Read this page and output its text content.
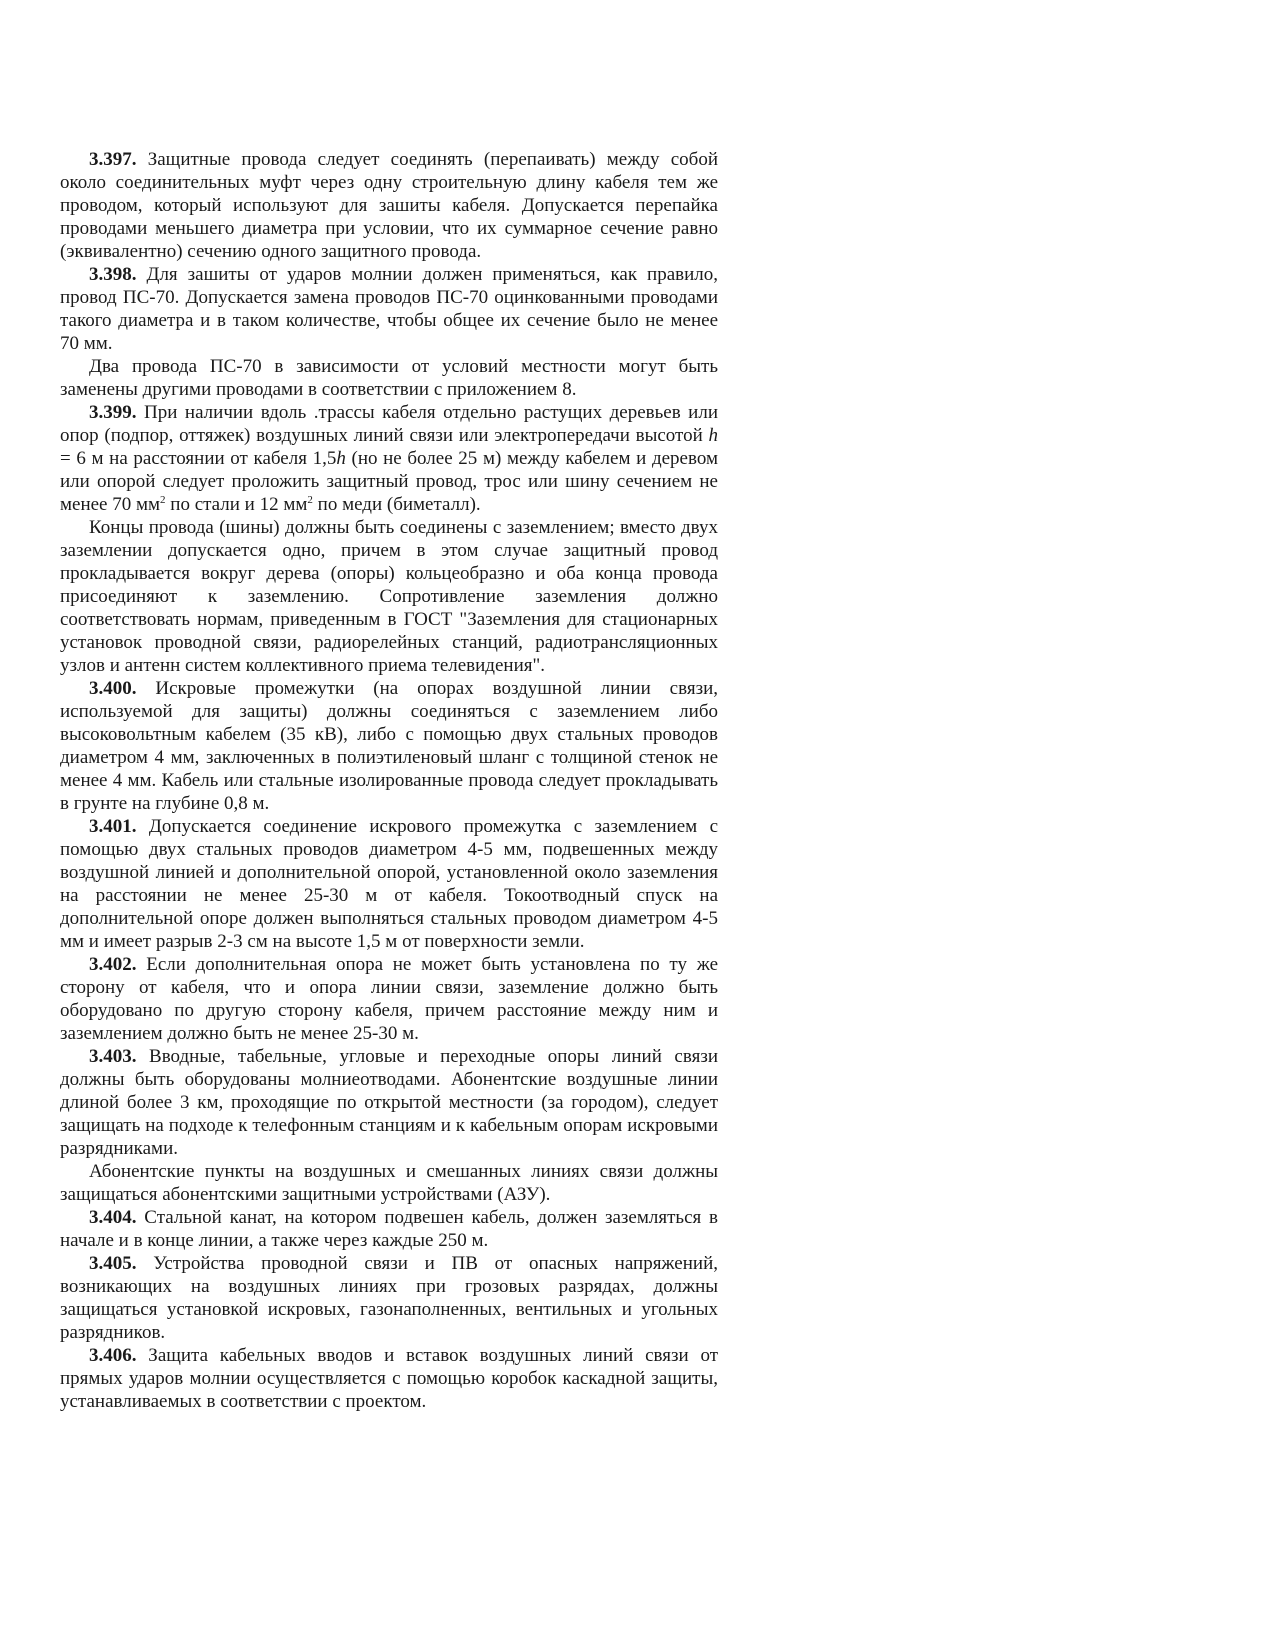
3.397. Защитные провода следует соединять (перепаивать) между собой около соединительных муфт через одну строительную длину кабеля тем же проводом, который используют для зашиты кабеля. Допускается перепайка проводами меньшего диаметра при условии, что их суммарное сечение равно (эквивалентно) сечению одного защитного провода.

3.398. Для зашиты от ударов молнии должен применяться, как правило, провод ПС-70. Допускается замена проводов ПС-70 оцинкованными проводами такого диаметра и в таком количестве, чтобы общее их сечение было не менее 70 мм.

Два провода ПС-70 в зависимости от условий местности могут быть заменены другими проводами в соответствии с приложением 8.

3.399. При наличии вдоль .трассы кабеля отдельно растущих деревьев или опор (подпор, оттяжек) воздушных линий связи или электропередачи высотой h = 6 м на расстоянии от кабеля 1,5h (но не более 25 м) между кабелем и деревом или опорой следует проложить защитный провод, трос или шину сечением не менее 70 $мм^2$ по стали и 12 $мм^2$ по меди (биметалл).

Концы провода (шины) должны быть соединены с заземлением; вместо двух заземлении допускается одно, причем в этом случае защитный провод прокладывается вокруг дерева (опоры) кольцеобразно и оба конца провода присоединяют к заземлению. Сопротивление заземления должно соответствовать нормам, приведенным в ГОСТ "Заземления для стационарных установок проводной связи, радиорелейных станций, радиотрансляционных узлов и антенн систем коллективного приема телевидения".

3.400. Искровые промежутки (на опорах воздушной линии связи, используемой для защиты) должны соединяться с заземлением либо высоковольтным кабелем (35 кВ), либо с помощью двух стальных проводов диаметром 4 мм, заключенных в полиэтиленовый шланг с толщиной стенок не менее 4 мм. Кабель или стальные изолированные провода следует прокладывать в грунте на глубине 0,8 м.

3.401. Допускается соединение искрового промежутка с заземлением с помощью двух стальных проводов диаметром 4-5 мм, подвешенных между воздушной линией и дополнительной опорой, установленной около заземления на расстоянии не менее 25-30 м от кабеля. Токоотводный спуск на дополнительной опоре должен выполняться стальных проводом диаметром 4-5 мм и имеет разрыв 2-3 см на высоте 1,5 м от поверхности земли.

3.402. Если дополнительная опора не может быть установлена по ту же сторону от кабеля, что и опора линии связи, заземление должно быть оборудовано по другую сторону кабеля, причем расстояние между ним и заземлением должно быть не менее 25-30 м.

3.403. Вводные, табельные, угловые и переходные опоры линий связи должны быть оборудованы молниеотводами. Абонентские воздушные линии длиной более 3 км, проходящие по открытой местности (за городом), следует защищать на подходе к телефонным станциям и к кабельным опорам искровыми разрядниками.

Абонентские пункты на воздушных и смешанных линиях связи должны защищаться абонентскими защитными устройствами (АЗУ).

3.404. Стальной канат, на котором подвешен кабель, должен заземляться в начале и в конце линии, а также через каждые 250 м.

3.405. Устройства проводной связи и ПВ от опасных напряжений, возникающих на воздушных линиях при грозовых разрядах, должны защищаться установкой искровых, газонаполненных, вентильных и угольных разрядников.

3.406. Защита кабельных вводов и вставок воздушных линий связи от прямых ударов молнии осуществляется с помощью коробок каскадной защиты, устанавливаемых в соответствии с проектом.
